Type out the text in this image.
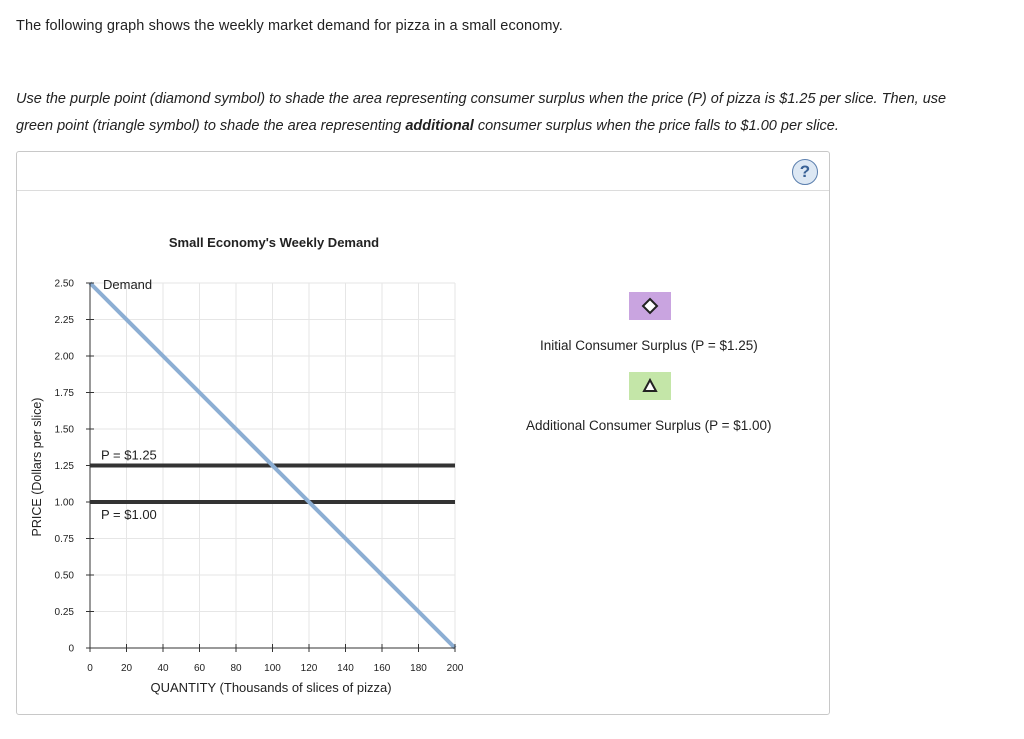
The following graph shows the weekly market demand for pizza in a small economy.
Use the purple point (diamond symbol) to shade the area representing consumer surplus when the price (P) of pizza is $1.25 per slice. Then, use
green point (triangle symbol) to shade the area representing additional consumer surplus when the price falls to $1.00 per slice.
?
Small Economy's Weekly Demand
P = $1.25
P = $1.00
Demand
0
0.25
0.50
0.75
1.00
1.25
1.50
1.75
2.00
2.25
2.50
0	20	40	60	80 100 120 140 160 180 200
QUANTITY (Thousands of slices of pizza)
PRICE (Dollars per slice)
Initial Consumer Surplus (P = $1.25)
Additional Consumer Surplus (P = $1.00)
